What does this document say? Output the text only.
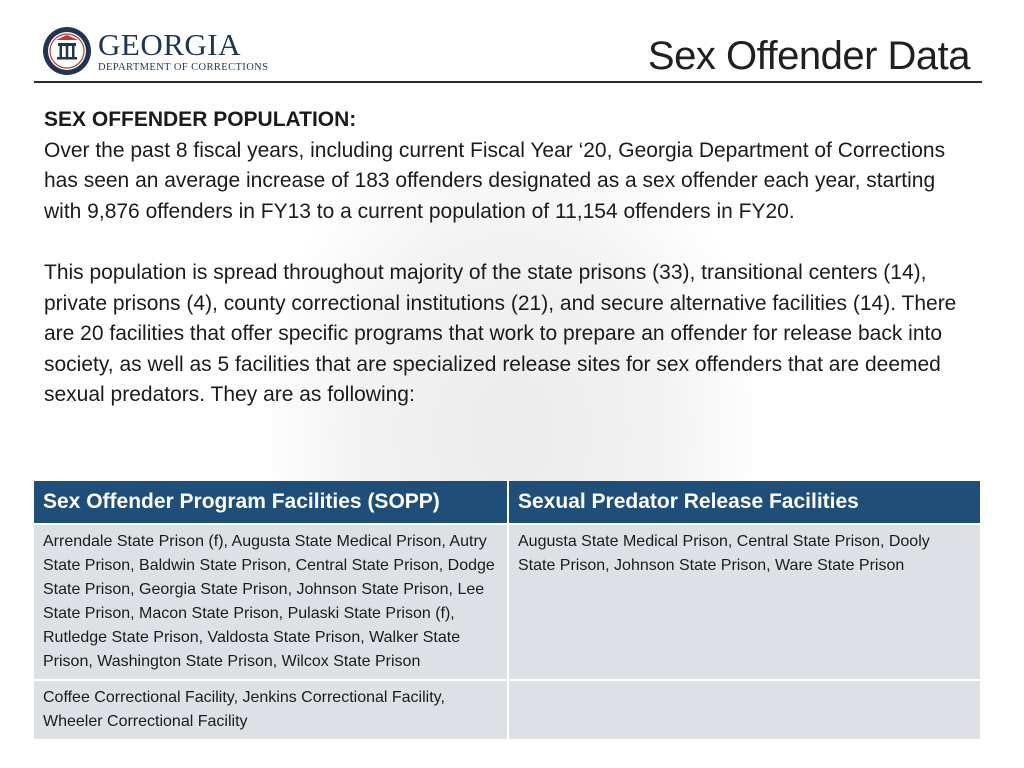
GEORGIA
DEPARTMENT OF CORRECTIONS	Sex Offender Data

SEX OFFENDER POPULATION:

Over the past 8 fiscal years, including current Fiscal Year ‘20, Georgia Department of Corrections has seen an average increase of 183 offenders designated as a sex offender each year, starting with 9,876 offenders in FY13 to a current population of 11,154 offenders in FY20.

This population is spread throughout majority of the state prisons (33), transitional centers (14), private prisons (4), county correctional institutions (21), and secure alternative facilities (14). There are 20 facilities that offer specific programs that work to prepare an offender for release back into society, as well as 5 facilities that are specialized release sites for sex offenders that are deemed sexual predators. They are as following:

Sex Offender Program Facilities (SOPP)	Sexual Predator Release Facilities
Arrendale State Prison (f), Augusta State Medical Prison, Autry State Prison, Baldwin State Prison, Central State Prison, Dodge State Prison, Georgia State Prison, Johnson State Prison, Lee State Prison, Macon State Prison, Pulaski State Prison (f), Rutledge State Prison, Valdosta State Prison, Walker State Prison, Washington State Prison, Wilcox State Prison	Augusta State Medical Prison, Central State Prison, Dooly State Prison, Johnson State Prison, Ware State Prison
Coffee Correctional Facility, Jenkins Correctional Facility, Wheeler Correctional Facility	
